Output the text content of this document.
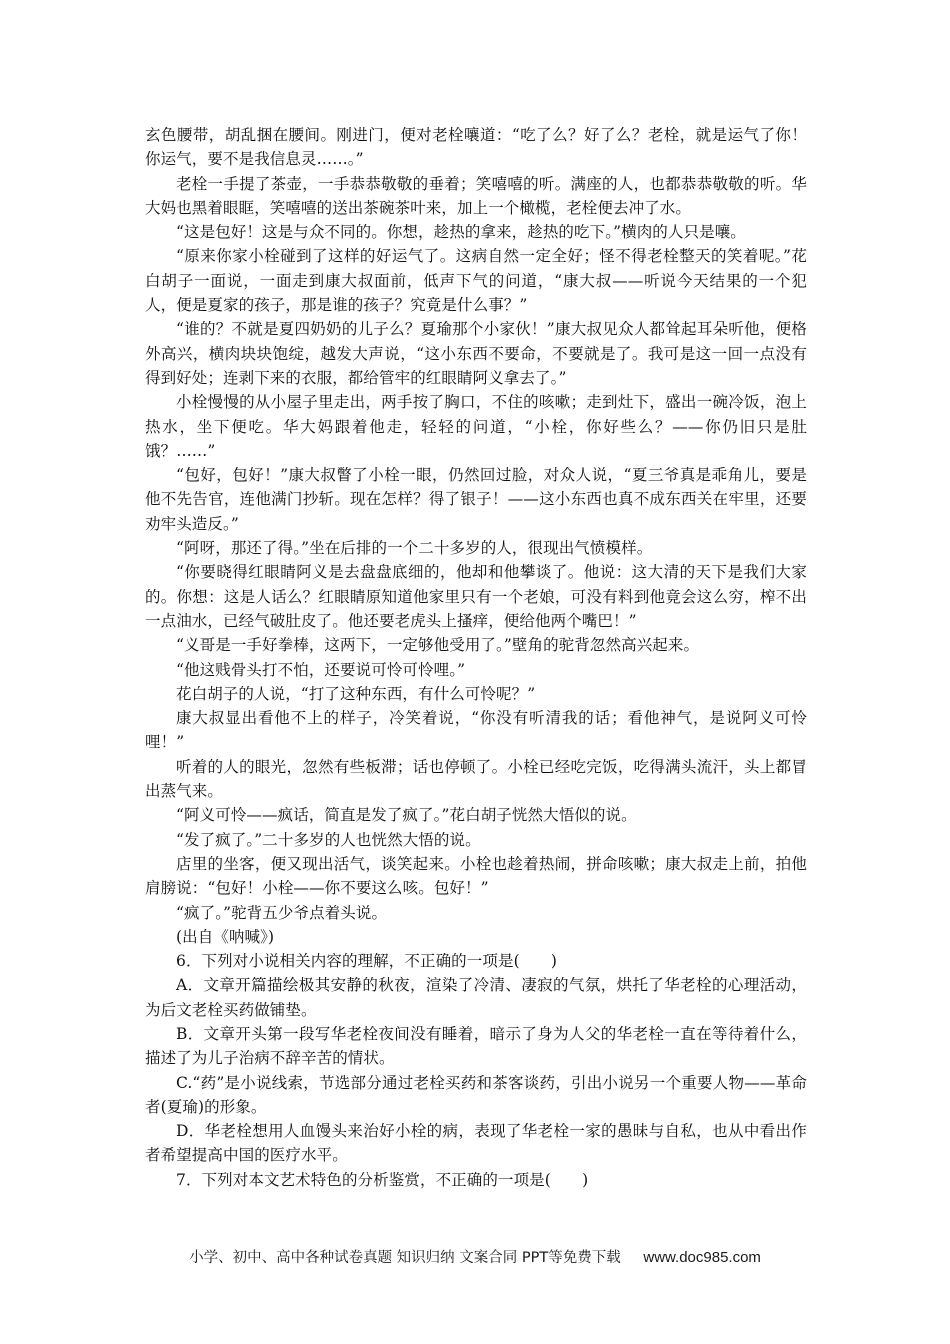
玄色腰带，胡乱捆在腰间。刚进门，便对老栓嚷道：“吃了么？好了么？老栓，就是运气了你！你运气，要不是我信息灵……。”

老栓一手提了茶壶，一手恭恭敬敬的垂着；笑嘻嘻的听。满座的人，也都恭恭敬敬的听。华大妈也黑着眼眶，笑嘻嘻的送出茶碗茶叶来，加上一个橄榄，老栓便去冲了水。

“这是包好！这是与众不同的。你想，趁热的拿来，趁热的吃下。”横肉的人只是嚷。

“原来你家小栓碰到了这样的好运气了。这病自然一定全好；怪不得老栓整天的笑着呢。”花白胡子一面说，一面走到康大叔面前，低声下气的问道，“康大叔——听说今天结果的一个犯人，便是夏家的孩子，那是谁的孩子？究竟是什么事？”

“谁的？不就是夏四奶奶的儿子么？夏瑜那个小家伙！”康大叔见众人都耸起耳朵听他，便格外高兴，横肉块块饱绽，越发大声说，“这小东西不要命，不要就是了。我可是这一回一点没有得到好处；连剥下来的衣服，都给管牢的红眼睛阿义拿去了。”

小栓慢慢的从小屋子里走出，两手按了胸口，不住的咳嗽；走到灶下，盛出一碗冷饭，泡上热水，坐下便吃。华大妈跟着他走，轻轻的问道，“小栓，你好些么？——你仍旧只是肚饿？……”

“包好，包好！”康大叔瞥了小栓一眼，仍然回过脸，对众人说，“夏三爷真是乖角儿，要是他不先告官，连他满门抄斩。现在怎样？得了银子！——这小东西也真不成东西关在牢里，还要劝牢头造反。”

“阿呀，那还了得。”坐在后排的一个二十多岁的人，很现出气愤模样。

“你要晓得红眼睛阿义是去盘盘底细的，他却和他攀谈了。他说：这大清的天下是我们大家的。你想：这是人话么？红眼睛原知道他家里只有一个老娘，可没有料到他竟会这么穷，榨不出一点油水，已经气破肚皮了。他还要老虎头上搔痒，便给他两个嘴巴！”

“义哥是一手好拳棒，这两下，一定够他受用了。”壁角的驼背忽然高兴起来。

“他这贱骨头打不怕，还要说可怜可怜哩。”

花白胡子的人说，“打了这种东西，有什么可怜呢？”

康大叔显出看他不上的样子，冷笑着说，“你没有听清我的话；看他神气，是说阿义可怜哩！”

听着的人的眼光，忽然有些板滞；话也停顿了。小栓已经吃完饭，吃得满头流汗，头上都冒出蒸气来。

“阿义可怜——疯话，简直是发了疯了。”花白胡子恍然大悟似的说。

“发了疯了。”二十多岁的人也恍然大悟的说。

店里的坐客，便又现出活气，谈笑起来。小栓也趁着热闹，拼命咳嗽；康大叔走上前，拍他肩膀说：“包好！小栓——你不要这么咳。包好！”

“疯了。”驼背五少爷点着头说。

(出自《呐喊》)

6．下列对小说相关内容的理解，不正确的一项是(　　)

A．文章开篇描绘极其安静的秋夜，渲染了冷清、凄寂的气氛，烘托了华老栓的心理活动，为后文老栓买药做铺垫。

B．文章开头第一段写华老栓夜间没有睡着，暗示了身为人父的华老栓一直在等待着什么，描述了为儿子治病不辞辛苦的情状。

C.“药”是小说线索，节选部分通过老栓买药和茶客谈药，引出小说另一个重要人物——革命者(夏瑜)的形象。

D．华老栓想用人血馒头来治好小栓的病，表现了华老栓一家的愚昧与自私，也从中看出作者希望提高中国的医疗水平。

7．下列对本文艺术特色的分析鉴赏，不正确的一项是(　　)

小学、初中、高中各种试卷真题 知识归纳 文案合同 PPT等免费下载 www.doc985.com
